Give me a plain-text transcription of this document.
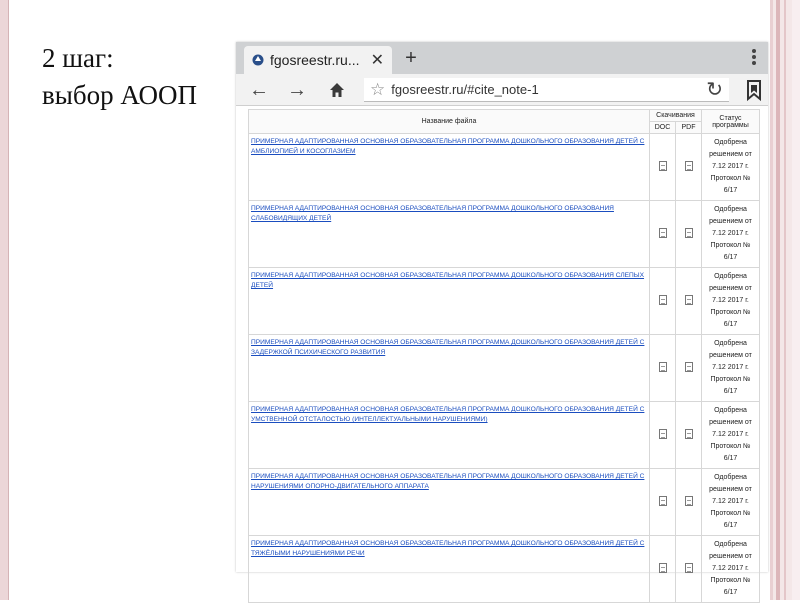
2 шаг:
выбор АООП
fgosreestr.ru... ✕	+
← →	☆ fgosreestr.ru/#cite_note-1	↻
Название файла	Скачивания		Статус программы
	DOC	PDF	

ПРИМЕРНАЯ АДАПТИРОВАННАЯ ОСНОВНАЯ ОБРАЗОВАТЕЛЬНАЯ ПРОГРАММА ДОШКОЛЬНОГО ОБРАЗОВАНИЯ ДЕТЕЙ С АМБЛИОПИЕЙ И КОСОГЛАЗИЕМ			Одобрена решением от 7.12 2017 г. Протокол № 6/17

ПРИМЕРНАЯ АДАПТИРОВАННАЯ ОСНОВНАЯ ОБРАЗОВАТЕЛЬНАЯ ПРОГРАММА ДОШКОЛЬНОГО ОБРАЗОВАНИЯ СЛАБОВИДЯЩИХ ДЕТЕЙ			Одобрена решением от 7.12 2017 г. Протокол № 6/17

ПРИМЕРНАЯ АДАПТИРОВАННАЯ ОСНОВНАЯ ОБРАЗОВАТЕЛЬНАЯ ПРОГРАММА ДОШКОЛЬНОГО ОБРАЗОВАНИЯ СЛЕПЫХ ДЕТЕЙ			Одобрена решением от 7.12 2017 г. Протокол № 6/17

ПРИМЕРНАЯ АДАПТИРОВАННАЯ ОСНОВНАЯ ОБРАЗОВАТЕЛЬНАЯ ПРОГРАММА ДОШКОЛЬНОГО ОБРАЗОВАНИЯ ДЕТЕЙ С ЗАДЕРЖКОЙ ПСИХИЧЕСКОГО РАЗВИТИЯ			Одобрена решением от 7.12 2017 г. Протокол № 6/17

ПРИМЕРНАЯ АДАПТИРОВАННАЯ ОСНОВНАЯ ОБРАЗОВАТЕЛЬНАЯ ПРОГРАММА ДОШКОЛЬНОГО ОБРАЗОВАНИЯ ДЕТЕЙ С УМСТВЕННОЙ ОТСТАЛОСТЬЮ (ИНТЕЛЛЕКТУАЛЬНЫМИ НАРУШЕНИЯМИ)			Одобрена решением от 7.12 2017 г. Протокол № 6/17

ПРИМЕРНАЯ АДАПТИРОВАННАЯ ОСНОВНАЯ ОБРАЗОВАТЕЛЬНАЯ ПРОГРАММА ДОШКОЛЬНОГО ОБРАЗОВАНИЯ ДЕТЕЙ С НАРУШЕНИЯМИ ОПОРНО-ДВИГАТЕЛЬНОГО АППАРАТА			Одобрена решением от 7.12 2017 г. Протокол № 6/17

ПРИМЕРНАЯ АДАПТИРОВАННАЯ ОСНОВНАЯ ОБРАЗОВАТЕЛЬНАЯ ПРОГРАММА ДОШКОЛЬНОГО ОБРАЗОВАНИЯ ДЕТЕЙ С ТЯЖЁЛЫМИ НАРУШЕНИЯМИ РЕЧИ			Одобрена решением от 7.12 2017 г. Протокол № 6/17
